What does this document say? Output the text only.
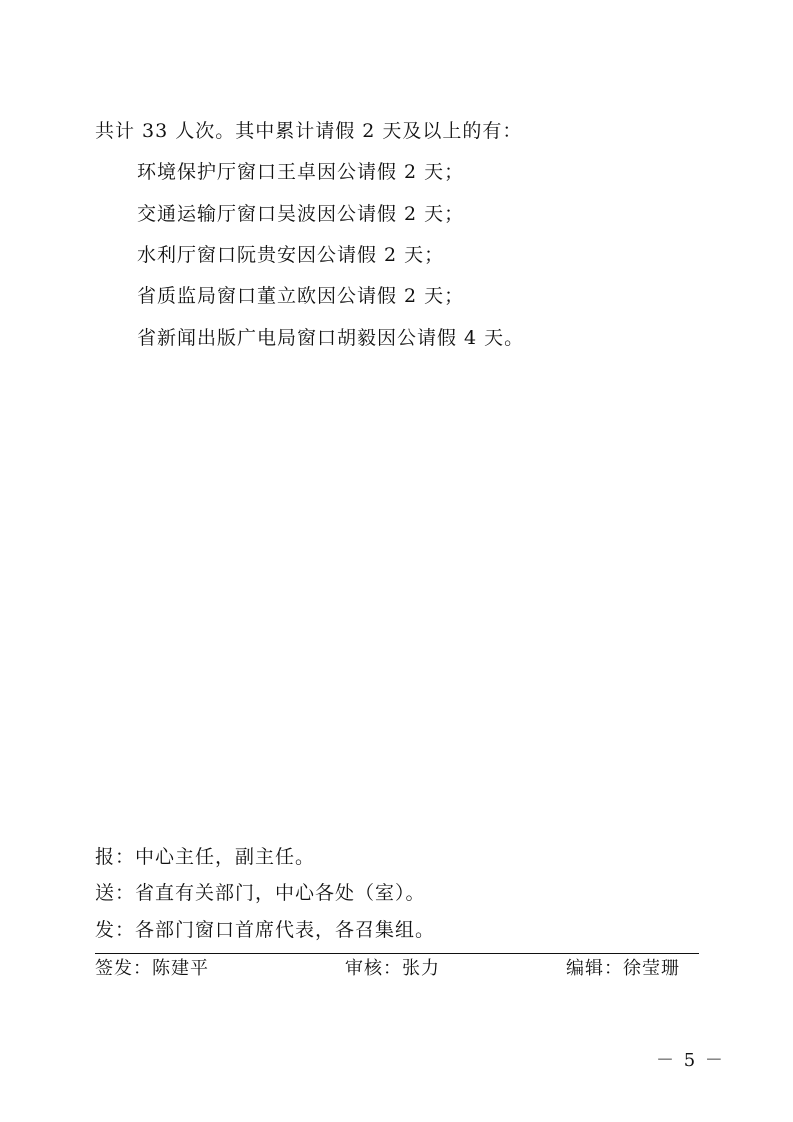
共计 33 人次。其中累计请假 2 天及以上的有：
环境保护厅窗口王卓因公请假 2 天；
交通运输厅窗口吴波因公请假 2 天；
水利厅窗口阮贵安因公请假 2 天；
省质监局窗口董立欧因公请假 2 天；
省新闻出版广电局窗口胡毅因公请假 4 天。
报：中心主任，副主任。
送：省直有关部门，中心各处（室）。
发：各部门窗口首席代表，各召集组。
签发：陈建平	审核：张力	编辑：徐莹珊
－ 5 －
